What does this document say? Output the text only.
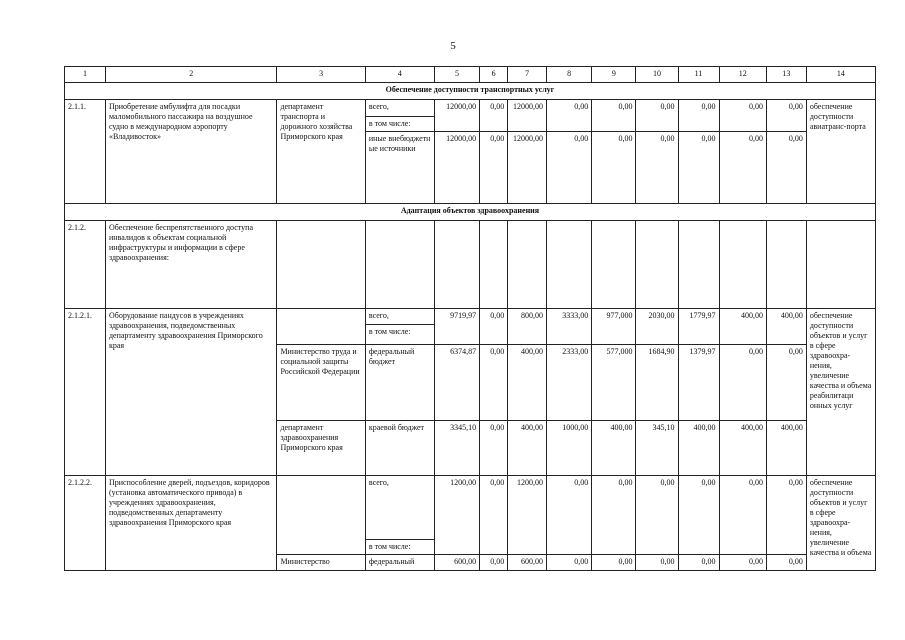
5
1	2	3	4	5	6	7	8	9	10	11	12	13	14
Обеспечение доступности транспортных услуг													
2.1.1.	Приобретение амбулифта для посадки маломобильного пассажира на воздушное судно в международном аэропорту «Владивосток»	департамент транспорта и дорожного хозяйства Приморского края	всего,	12000,00	0,00	12000,00	0,00	0,00	0,00	0,00	0,00	0,00	обеспечение доступности авиатранс-порта
			в том числе:										
			иные внебюджетн ые источники	12000,00	0,00	12000,00	0,00	0,00	0,00	0,00	0,00	0,00	
Адаптация объектов здравоохранения													
2.1.2.	Обеспечение беспрепятственного доступа инвалидов к объектам социальной инфраструктуры и информации в сфере здравоохранения:												
2.1.2.1.	Оборудование пандусов в учреждениях здравоохранения, подведомственных департаменту здравоохранения Приморского края		всего,	9719,97	0,00	800,00	3333,00	977,000	2030,00	1779,97	400,00	400,00	обеспечение доступности объектов и услуг в сфере здравоохра-нения, увеличение качества и объема реабилитаци онных услуг
			в том числе:										
		Министерство труда и социальной защиты Российской Федерации	федеральный бюджет	6374,87	0,00	400,00	2333,00	577,000	1684,90	1379,97	0,00	0,00	
		департамент здравоохранения Приморского края	краевой бюджет	3345,10	0,00	400,00	1000,00	400,00	345,10	400,00	400,00	400,00	
2.1.2.2.	Приспособление дверей, подъездов, коридоров (установка автоматического привода) в учреждениях здравоохранения, подведомственных департаменту здравоохранения Приморского края		всего,	1200,00	0,00	1200,00	0,00	0,00	0,00	0,00	0,00	0,00	обеспечение доступности объектов и услуг в сфере здравоохра-нения, увеличение качества и объема
			в том числе:										
		Министерство	федеральный	600,00	0,00	600,00	0,00	0,00	0,00	0,00	0,00	0,00	
